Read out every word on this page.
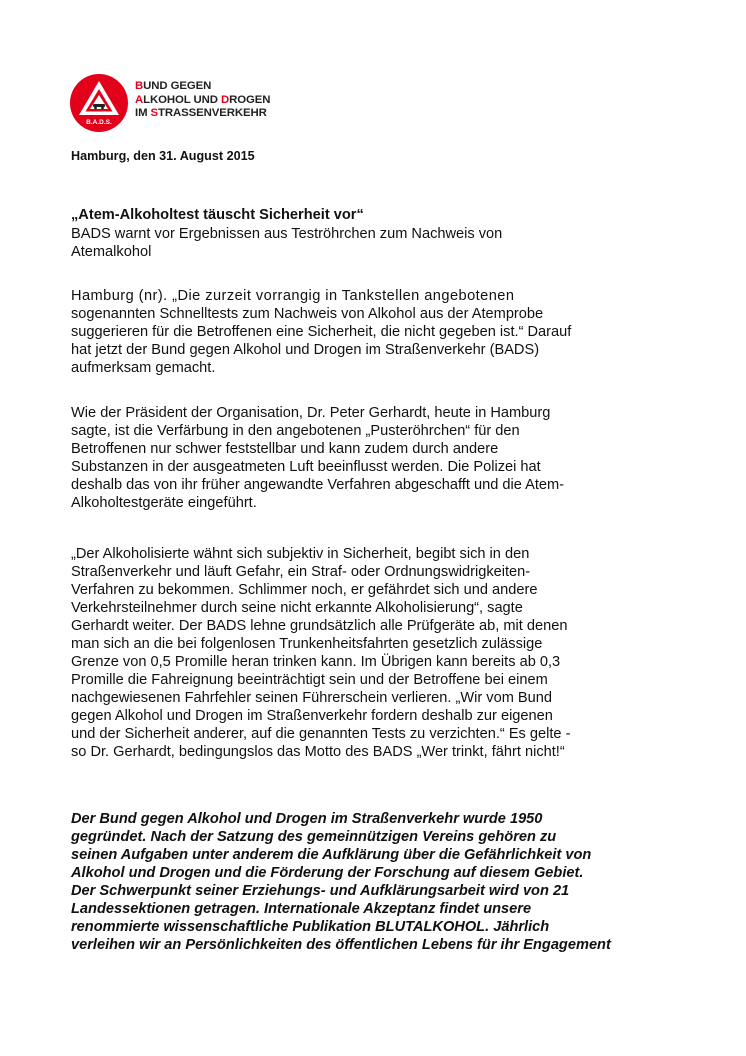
B.A.D.S.
BUND GEGEN
ALKOHOL UND DROGEN
IM STRASSENVERKEHR
Hamburg, den 31. August 2015
„Atem-Alkoholtest täuscht Sicherheit vor“
BADS warnt vor Ergebnissen aus Teströhrchen zum Nachweis von
Atemalkohol
Hamburg (nr). „Die zurzeit vorrangig in Tankstellen angebotenen
sogenannten Schnelltests zum Nachweis von Alkohol aus der Atemprobe
suggerieren für die Betroffenen eine Sicherheit, die nicht gegeben ist.“ Darauf
hat jetzt der Bund gegen Alkohol und Drogen im Straßenverkehr (BADS)
aufmerksam gemacht.
Wie der Präsident der Organisation, Dr. Peter Gerhardt, heute in Hamburg
sagte, ist die Verfärbung in den angebotenen „Pusteröhrchen“ für den
Betroffenen nur schwer feststellbar und kann zudem durch andere
Substanzen in der ausgeatmeten Luft beeinflusst werden. Die Polizei hat
deshalb das von ihr früher angewandte Verfahren abgeschafft und die Atem-
Alkoholtestgeräte eingeführt.
„Der Alkoholisierte wähnt sich subjektiv in Sicherheit, begibt sich in den
Straßenverkehr und läuft Gefahr, ein Straf- oder Ordnungswidrigkeiten-
Verfahren zu bekommen. Schlimmer noch, er gefährdet sich und andere
Verkehrsteilnehmer durch seine nicht erkannte Alkoholisierung“, sagte
Gerhardt weiter. Der BADS lehne grundsätzlich alle Prüfgeräte ab, mit denen
man sich an die bei folgenlosen Trunkenheitsfahrten gesetzlich zulässige
Grenze von 0,5 Promille heran trinken kann. Im Übrigen kann bereits ab 0,3
Promille die Fahreignung beeinträchtigt sein und der Betroffene bei einem
nachgewiesenen Fahrfehler seinen Führerschein verlieren. „Wir vom Bund
gegen Alkohol und Drogen im Straßenverkehr fordern deshalb zur eigenen
und der Sicherheit anderer, auf die genannten Tests zu verzichten.“ Es gelte -
so Dr. Gerhardt, bedingungslos das Motto des BADS „Wer trinkt, fährt nicht!“
Der Bund gegen Alkohol und Drogen im Straßenverkehr wurde 1950
gegründet. Nach der Satzung des gemeinnützigen Vereins gehören zu
seinen Aufgaben unter anderem die Aufklärung über die Gefährlichkeit von
Alkohol und Drogen und die Förderung der Forschung auf diesem Gebiet.
Der Schwerpunkt seiner Erziehungs- und Aufklärungsarbeit wird von 21
Landessektionen getragen. Internationale Akzeptanz findet unsere
renommierte wissenschaftliche Publikation BLUTALKOHOL. Jährlich
verleihen wir an Persönlichkeiten des öffentlichen Lebens für ihr Engagement
